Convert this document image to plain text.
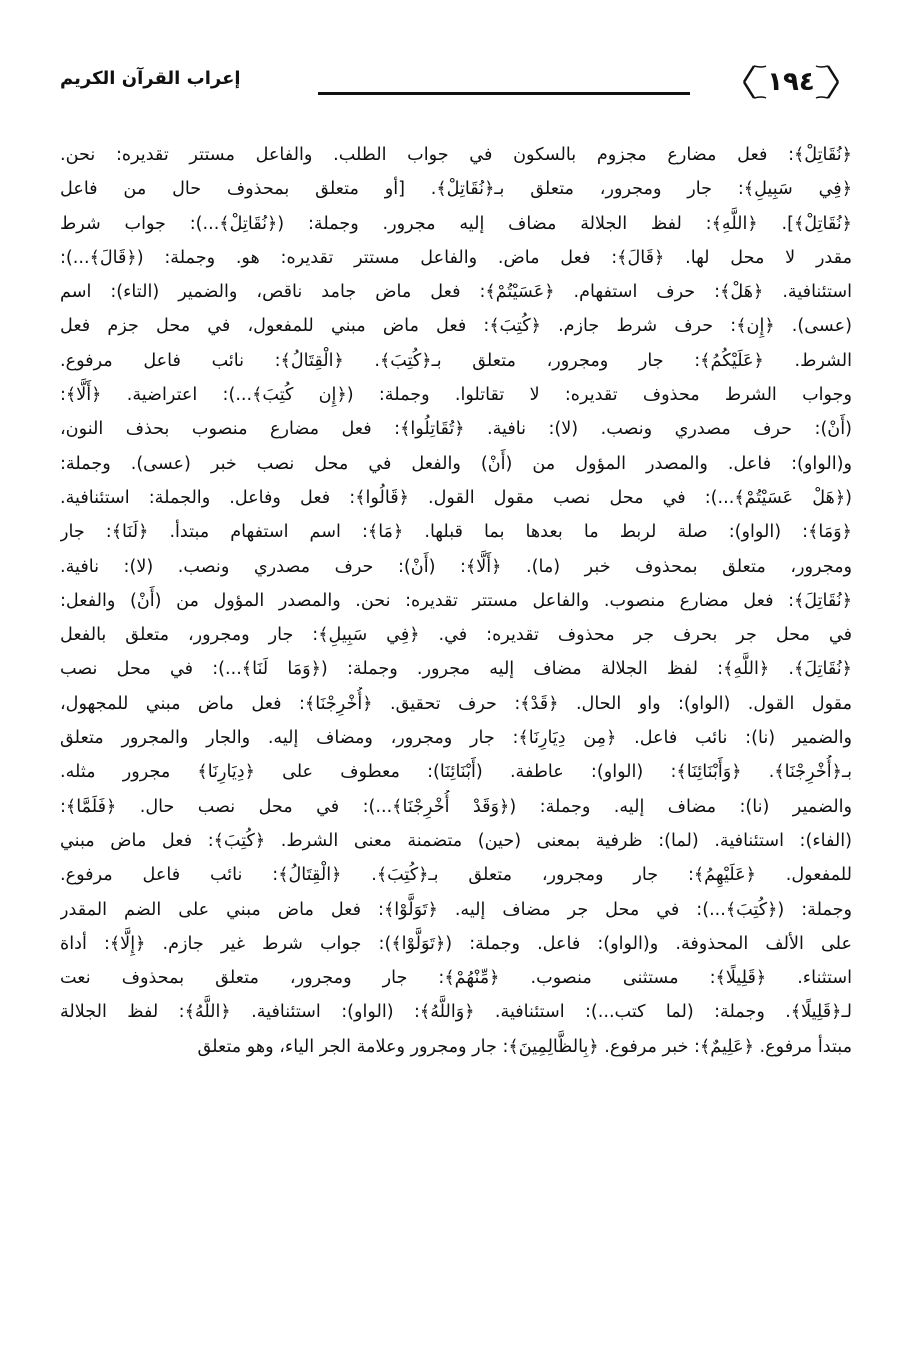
١٩٤
إعراب القرآن الكريم
﴿نُقَاتِلْ﴾: فعل مضارع مجزوم بالسكون في جواب الطلب. والفاعل مستتر تقديره: نحن.
﴿فِي سَبِيلِ﴾: جار ومجرور، متعلق بـ﴿نُقَاتِلْ﴾. [أو متعلق بمحذوف حال من فاعل
﴿نُقَاتِلْ﴾]. ﴿اللَّهِ﴾: لفظ الجلالة مضاف إليه مجرور. وجملة: (﴿نُقَاتِلْ﴾...): جواب شرط
مقدر لا محل لها. ﴿قَالَ﴾: فعل ماض. والفاعل مستتر تقديره: هو. وجملة: (﴿قَالَ﴾...):
استئنافية. ﴿هَلْ﴾: حرف استفهام. ﴿عَسَيْتُمْ﴾: فعل ماض جامد ناقص، والضمير (التاء): اسم
(عسى). ﴿إِن﴾: حرف شرط جازم. ﴿كُتِبَ﴾: فعل ماض مبني للمفعول، في محل جزم فعل
الشرط. ﴿عَلَيْكُمُ﴾: جار ومجرور، متعلق بـ﴿كُتِبَ﴾. ﴿الْقِتَالُ﴾: نائب فاعل مرفوع.
وجواب الشرط محذوف تقديره: لا تقاتلوا. وجملة: (﴿إِن كُتِبَ﴾...): اعتراضية. ﴿أَلَّا﴾:
(أَنْ): حرف مصدري ونصب. (لا): نافية. ﴿تُقَاتِلُوا﴾: فعل مضارع منصوب بحذف النون،
و(الواو): فاعل. والمصدر المؤول من (أَنْ) والفعل في محل نصب خبر (عسى). وجملة:
(﴿هَلْ عَسَيْتُمْ﴾...): في محل نصب مقول القول. ﴿قَالُوا﴾: فعل وفاعل. والجملة: استئنافية.
﴿وَمَا﴾: (الواو): صلة لربط ما بعدها بما قبلها. ﴿مَا﴾: اسم استفهام مبتدأ. ﴿لَنَا﴾: جار
ومجرور، متعلق بمحذوف خبر (ما). ﴿أَلَّا﴾: (أَنْ): حرف مصدري ونصب. (لا): نافية.
﴿نُقَاتِلَ﴾: فعل مضارع منصوب. والفاعل مستتر تقديره: نحن. والمصدر المؤول من (أَنْ) والفعل:
في محل جر بحرف جر محذوف تقديره: في. ﴿فِي سَبِيلِ﴾: جار ومجرور، متعلق بالفعل
﴿نُقَاتِلَ﴾. ﴿اللَّهِ﴾: لفظ الجلالة مضاف إليه مجرور. وجملة: (﴿وَمَا لَنَا﴾...): في محل نصب
مقول القول. (الواو): واو الحال. ﴿قَدْ﴾: حرف تحقيق. ﴿أُخْرِجْنَا﴾: فعل ماض مبني للمجهول،
والضمير (نا): نائب فاعل. ﴿مِن دِيَارِنَا﴾: جار ومجرور، ومضاف إليه. والجار والمجرور متعلق
بـ﴿أُخْرِجْنَا﴾. ﴿وَأَبْنَائِنَا﴾: (الواو): عاطفة. (أَبْنَائِنَا): معطوف على ﴿دِيَارِنَا﴾ مجرور مثله.
والضمير (نا): مضاف إليه. وجملة: (﴿وَقَدْ أُخْرِجْنَا﴾...): في محل نصب حال. ﴿فَلَمَّا﴾:
(الفاء): استئنافية. (لما): ظرفية بمعنى (حين) متضمنة معنى الشرط. ﴿كُتِبَ﴾: فعل ماض مبني
للمفعول. ﴿عَلَيْهِمُ﴾: جار ومجرور، متعلق بـ﴿كُتِبَ﴾. ﴿الْقِتَالُ﴾: نائب فاعل مرفوع.
وجملة: (﴿كُتِبَ﴾...): في محل جر مضاف إليه. ﴿تَوَلَّوْا﴾: فعل ماض مبني على الضم المقدر
على الألف المحذوفة. و(الواو): فاعل. وجملة: (﴿تَوَلَّوْا﴾): جواب شرط غير جازم. ﴿إِلَّا﴾: أداة
استثناء. ﴿قَلِيلًا﴾: مستثنى منصوب. ﴿مِّنْهُمْ﴾: جار ومجرور، متعلق بمحذوف نعت
لـ﴿قَلِيلًا﴾. وجملة: (لما كتب...): استئنافية. ﴿وَاللَّهُ﴾: (الواو): استئنافية. ﴿اللَّهُ﴾: لفظ الجلالة
مبتدأ مرفوع. ﴿عَلِيمٌ﴾: خبر مرفوع. ﴿بِالظَّالِمِينَ﴾: جار ومجرور وعلامة الجر الياء، وهو متعلق
